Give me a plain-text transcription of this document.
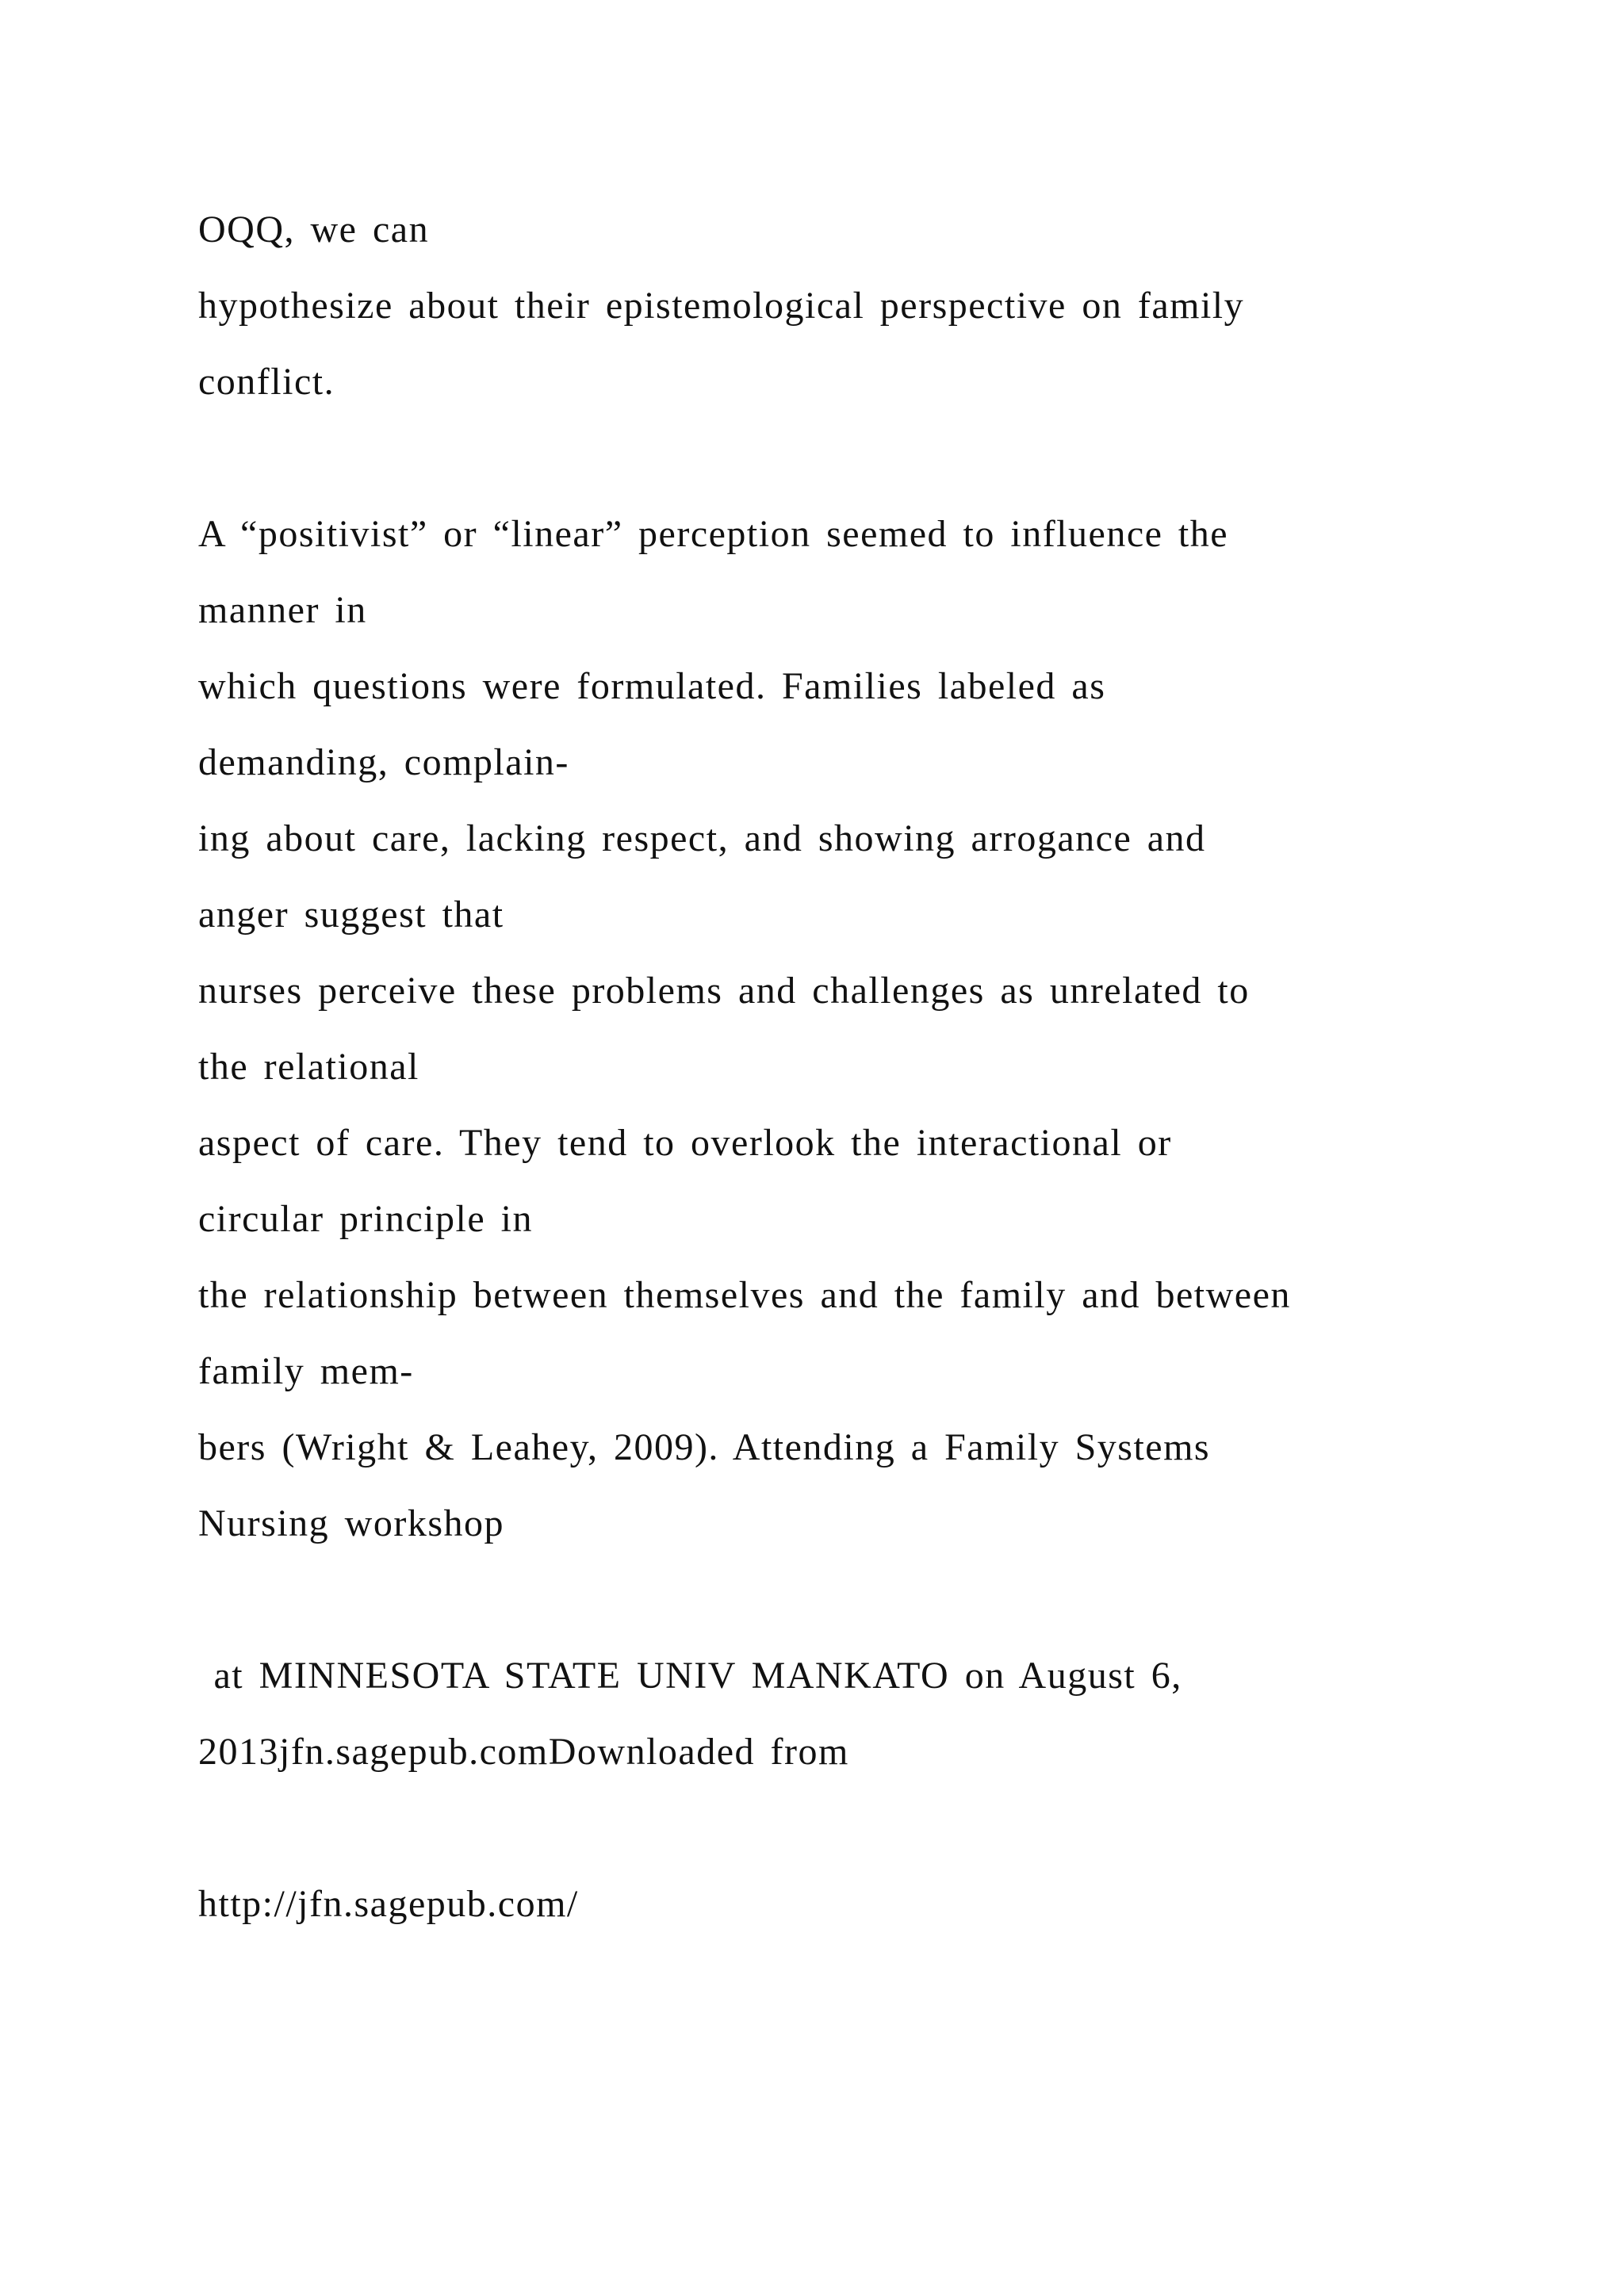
OQQ, we can
hypothesize about their epistemological perspective on family
conflict.
A “positivist” or “linear” perception seemed to influence the
manner in
which questions were formulated. Families labeled as
demanding, complain-
ing about care, lacking respect, and showing arrogance and
anger suggest that
nurses perceive these problems and challenges as unrelated to
the relational
aspect of care. They tend to overlook the interactional or
circular principle in
the relationship between themselves and the family and between
family mem-
bers (Wright & Leahey, 2009). Attending a Family Systems
Nursing workshop
at MINNESOTA STATE UNIV MANKATO on August 6,
2013jfn.sagepub.comDownloaded from
http://jfn.sagepub.com/
